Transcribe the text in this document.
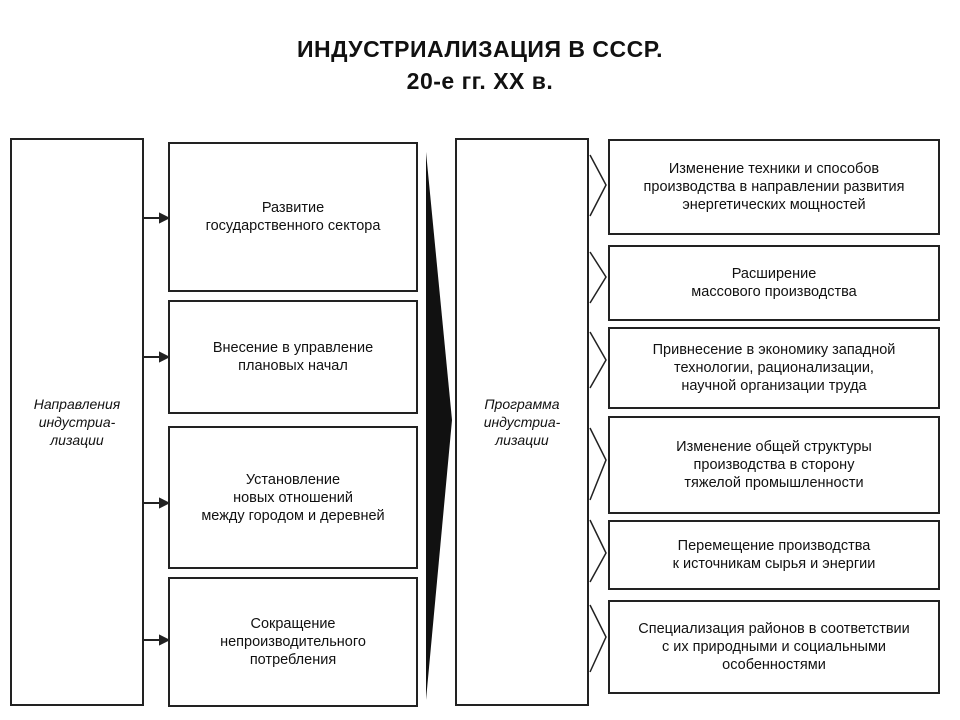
ИНДУСТРИАЛИЗАЦИЯ В СССР.
20-е гг. XX в.
Направления
индустриа-
лизации
Развитие
государственного сектора
Внесение в управление
плановых начал
Установление
новых отношений
между городом и деревней
Сокращение
непроизводительного
потребления
Программа
индустриа-
лизации
Изменение техники и способов
производства в направлении развития
энергетических мощностей
Расширение
массового производства
Привнесение в экономику западной
технологии, рационализации,
научной организации труда
Изменение общей структуры
производства в сторону
тяжелой промышленности
Перемещение производства
к источникам сырья и энергии
Специализация районов в соответствии
с их природными и социальными
особенностями
